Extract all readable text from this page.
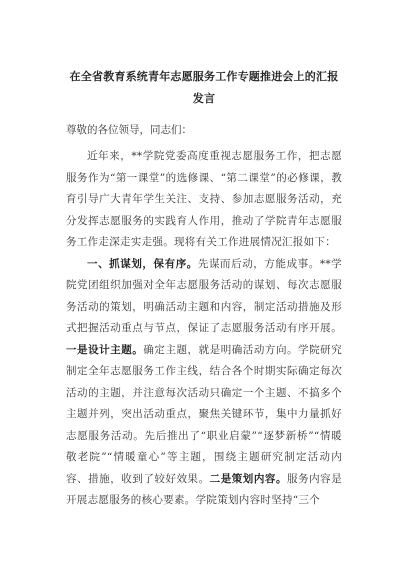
在全省教育系统青年志愿服务工作专题推进会上的汇报发言
尊敬的各位领导，同志们：

近年来，**学院党委高度重视志愿服务工作，把志愿服务作为“第一课堂”的选修课、“第二课堂”的必修课，教育引导广大青年学生关注、支持、参加志愿服务活动，充分发挥志愿服务的实践育人作用，推动了学院青年志愿服务工作走深走实走强。现将有关工作进展情况汇报如下：

一、抓谋划，保有序。先谋而后动，方能成事。**学院党团组织加强对全年志愿服务活动的谋划、每次志愿服务活动的策划，明确活动主题和内容，制定活动措施及形式把握活动重点与节点，保证了志愿服务活动有序开展。一是设计主题。确定主题，就是明确活动方向。学院研究制定全年志愿服务工作主线，结合各个时期实际确定每次活动的主题，并注意每次活动只确定一个主题、不搞多个主题并列，突出活动重点，聚焦关键环节，集中力量抓好志愿服务活动。先后推出了“职业启蒙”“逐梦新桥”“情暖敬老院”“情暖童心”等主题，围绕主题研究制定活动内容、措施，收到了较好效果。二是策划内容。服务内容是开展志愿服务的核心要素。学院策划内容时坚持“三个
